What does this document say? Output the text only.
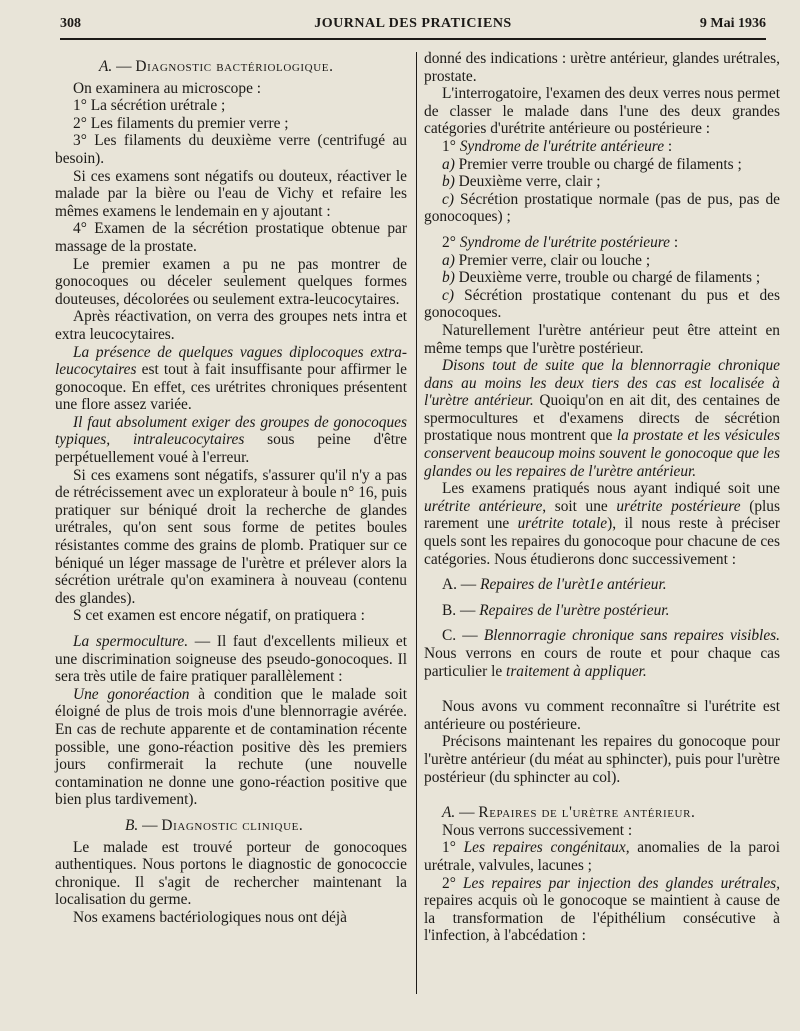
308	JOURNAL DES PRATICIENS	9 Mai 1936
A. — Diagnostic bactériologique.

On examinera au microscope :

1° La sécrétion urétrale ;

2° Les filaments du premier verre ;

3° Les filaments du deuxième verre (centrifugé au besoin).

Si ces examens sont négatifs ou douteux, réactiver le malade par la bière ou l'eau de Vichy et refaire les mêmes examens le lendemain en y ajoutant :

4° Examen de la sécrétion prostatique obtenue par massage de la prostate.

Le premier examen a pu ne pas montrer de gonocoques ou déceler seulement quelques formes douteuses, décolorées ou seulement extra-leucocytaires.

Après réactivation, on verra des groupes nets intra et extra leucocytaires.

La présence de quelques vagues diplocoques extra-leucocytaires est tout à fait insuffisante pour affirmer le gonocoque. En effet, ces urétrites chroniques présentent une flore assez variée.

Il faut absolument exiger des groupes de gonocoques typiques, intraleucocytaires sous peine d'être perpétuellement voué à l'erreur.

Si ces examens sont négatifs, s'assurer qu'il n'y a pas de rétrécissement avec un explorateur à boule n° 16, puis pratiquer sur béniqué droit la recherche de glandes urétrales, qu'on sent sous forme de petites boules résistantes comme des grains de plomb. Pratiquer sur ce béniqué un léger massage de l'urètre et prélever alors la sécrétion urétrale qu'on examinera à nouveau (contenu des glandes).

S cet examen est encore négatif, on pratiquera :

La spermoculture. — Il faut d'excellents milieux et une discrimination soigneuse des pseudo-gonocoques. Il sera très utile de faire pratiquer parallèlement :

Une gonoréaction à condition que le malade soit éloigné de plus de trois mois d'une blennorragie avérée. En cas de rechute apparente et de contamination récente possible, une gono-réaction positive dès les premiers jours confirmerait la rechute (une nouvelle contamination ne donne une gono-réaction positive que bien plus tardivement).

B. — Diagnostic clinique.

Le malade est trouvé porteur de gonocoques authentiques. Nous portons le diagnostic de gonococcie chronique. Il s'agit de rechercher maintenant la localisation du germe.

Nos examens bactériologiques nous ont déjà

donné des indications : urètre antérieur, glandes urétrales, prostate.

L'interrogatoire, l'examen des deux verres nous permet de classer le malade dans l'une des deux grandes catégories d'urétrite antérieure ou postérieure :

1° Syndrome de l'urétrite antérieure :

a) Premier verre trouble ou chargé de filaments ;

b) Deuxième verre, clair ;

c) Sécrétion prostatique normale (pas de pus, pas de gonocoques) ;

2° Syndrome de l'urétrite postérieure :

a) Premier verre, clair ou louche ;

b) Deuxième verre, trouble ou chargé de filaments ;

c) Sécrétion prostatique contenant du pus et des gonocoques.

Naturellement l'urètre antérieur peut être atteint en même temps que l'urètre postérieur.

Disons tout de suite que la blennorragie chronique dans au moins les deux tiers des cas est localisée à l'urètre antérieur. Quoiqu'on en ait dit, des centaines de spermocultures et d'examens directs de sécrétion prostatique nous montrent que la prostate et les vésicules conservent beaucoup moins souvent le gonocoque que les glandes ou les repaires de l'urètre antérieur.

Les examens pratiqués nous ayant indiqué soit une urétrite antérieure, soit une urétrite postérieure (plus rarement une urétrite totale), il nous reste à préciser quels sont les repaires du gonocoque pour chacune de ces catégories. Nous étudierons donc successivement :

A. — Repaires de l'urèt1e antérieur.

B. — Repaires de l'urètre postérieur.

C. — Blennorragie chronique sans repaires visibles. Nous verrons en cours de route et pour chaque cas particulier le traitement à appliquer.

Nous avons vu comment reconnaître si l'urétrite est antérieure ou postérieure.

Précisons maintenant les repaires du gonocoque pour l'urètre antérieur (du méat au sphincter), puis pour l'urètre postérieur (du sphincter au col).

A. — Repaires de l'urètre antérieur.

Nous verrons successivement :

1° Les repaires congénitaux, anomalies de la paroi urétrale, valvules, lacunes ;

2° Les repaires par injection des glandes urétrales, repaires acquis où le gonocoque se maintient à cause de la transformation de l'épithélium consécutive à l'infection, à l'abcédation :
